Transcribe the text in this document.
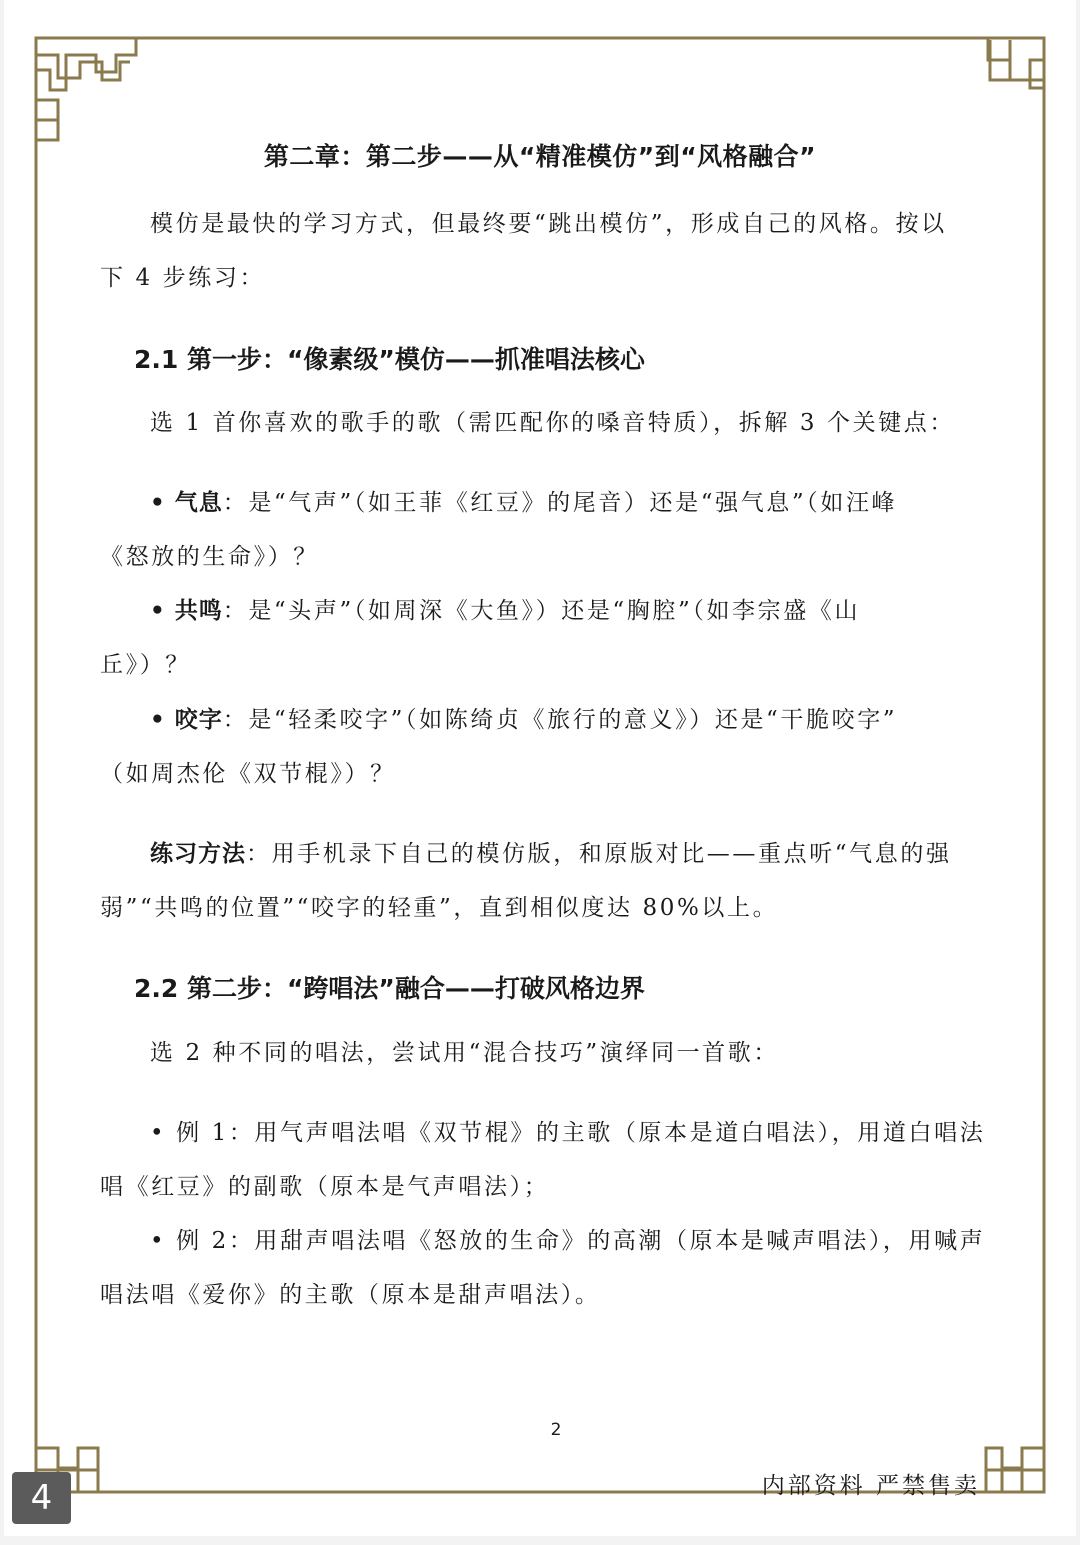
第二章：第二步——从“精准模仿”到“风格融合”
模仿是最快的学习方式，但最终要“跳出模仿”，形成自己的风格。按以
下 4 步练习：
2.1 第一步：“像素级”模仿——抓准唱法核心
选 1 首你喜欢的歌手的歌（需匹配你的嗓音特质），拆解 3 个关键点：
• 气息：是“气声”（如王菲《红豆》的尾音）还是“强气息”（如汪峰
《怒放的生命》）？
• 共鸣：是“头声”（如周深《大鱼》）还是“胸腔”（如李宗盛《山
丘》）？
• 咬字：是“轻柔咬字”（如陈绮贞《旅行的意义》）还是“干脆咬字”
（如周杰伦《双节棍》）？
练习方法：用手机录下自己的模仿版，和原版对比——重点听“气息的强
弱”“共鸣的位置”“咬字的轻重”，直到相似度达 80%以上。
2.2 第二步：“跨唱法”融合——打破风格边界
选 2 种不同的唱法，尝试用“混合技巧”演绎同一首歌：
• 例 1：用气声唱法唱《双节棍》的主歌（原本是道白唱法），用道白唱法
唱《红豆》的副歌（原本是气声唱法）；
• 例 2：用甜声唱法唱《怒放的生命》的高潮（原本是喊声唱法），用喊声
唱法唱《爱你》的主歌（原本是甜声唱法）。
2
内部资料 严禁售卖
4
